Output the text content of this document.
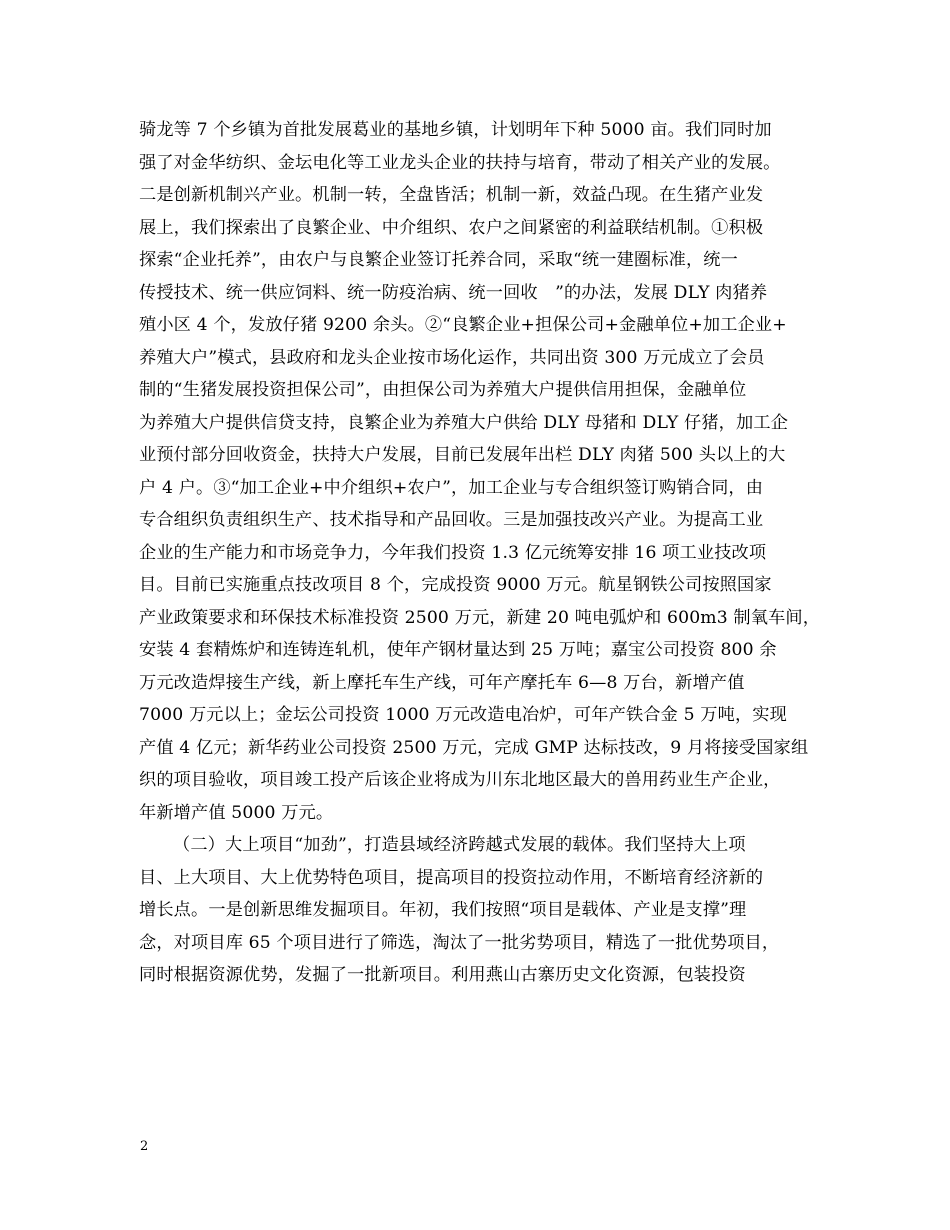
骑龙等 7 个乡镇为首批发展葛业的基地乡镇，计划明年下种 5000 亩。我们同时加
强了对金华纺织、金坛电化等工业龙头企业的扶持与培育，带动了相关产业的发展。
二是创新机制兴产业。机制一转，全盘皆活；机制一新，效益凸现。在生猪产业发
展上，我们探索出了良繁企业、中介组织、农户之间紧密的利益联结机制。①积极
探索“企业托养”，由农户与良繁企业签订托养合同，采取“统一建圈标准，统一
传授技术、统一供应饲料、统一防疫治病、统一回收　”的办法，发展 DLY 肉猪养
殖小区 4 个，发放仔猪 9200 余头。②“良繁企业+担保公司+金融单位+加工企业+
养殖大户”模式，县政府和龙头企业按市场化运作，共同出资 300 万元成立了会员
制的“生猪发展投资担保公司”，由担保公司为养殖大户提供信用担保，金融单位
为养殖大户提供信贷支持，良繁企业为养殖大户供给 DLY 母猪和 DLY 仔猪，加工企
业预付部分回收资金，扶持大户发展，目前已发展年出栏 DLY 肉猪 500 头以上的大
户 4 户。③“加工企业+中介组织+农户”，加工企业与专合组织签订购销合同，由
专合组织负责组织生产、技术指导和产品回收。三是加强技改兴产业。为提高工业
企业的生产能力和市场竞争力，今年我们投资 1.3 亿元统筹安排 16 项工业技改项
目。目前已实施重点技改项目 8 个，完成投资 9000 万元。航星钢铁公司按照国家
产业政策要求和环保技术标准投资 2500 万元，新建 20 吨电弧炉和 600m3 制氧车间，
安装 4 套精炼炉和连铸连轧机，使年产钢材量达到 25 万吨；嘉宝公司投资 800 余
万元改造焊接生产线，新上摩托车生产线，可年产摩托车 6—8 万台，新增产值
7000 万元以上；金坛公司投资 1000 万元改造电冶炉，可年产铁合金 5 万吨，实现
产值 4 亿元；新华药业公司投资 2500 万元，完成 GMP 达标技改，9 月将接受国家组
织的项目验收，项目竣工投产后该企业将成为川东北地区最大的兽用药业生产企业，
年新增产值 5000 万元。
（二）大上项目“加劲”，打造县域经济跨越式发展的载体。我们坚持大上项
目、上大项目、大上优势特色项目，提高项目的投资拉动作用，不断培育经济新的
增长点。一是创新思维发掘项目。年初，我们按照“项目是载体、产业是支撑”理
念，对项目库 65 个项目进行了筛选，淘汰了一批劣势项目，精选了一批优势项目，
同时根据资源优势，发掘了一批新项目。利用燕山古寨历史文化资源，包装投资
2
